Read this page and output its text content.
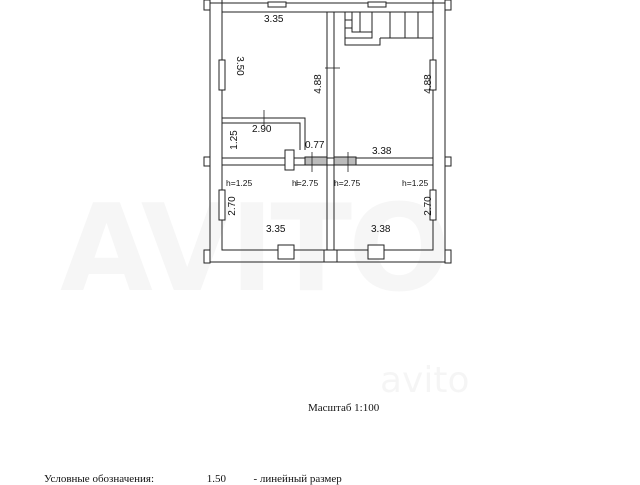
3.35
3.50
4.88	4.88
2.90
1.25	0.77
3.38
2.70
3.35	3.38
2.70
h=1.25	h=2.75 h=2.75	h=1.25
Масштаб 1:100
Условные обозначения:	1.50	- линейный размер
